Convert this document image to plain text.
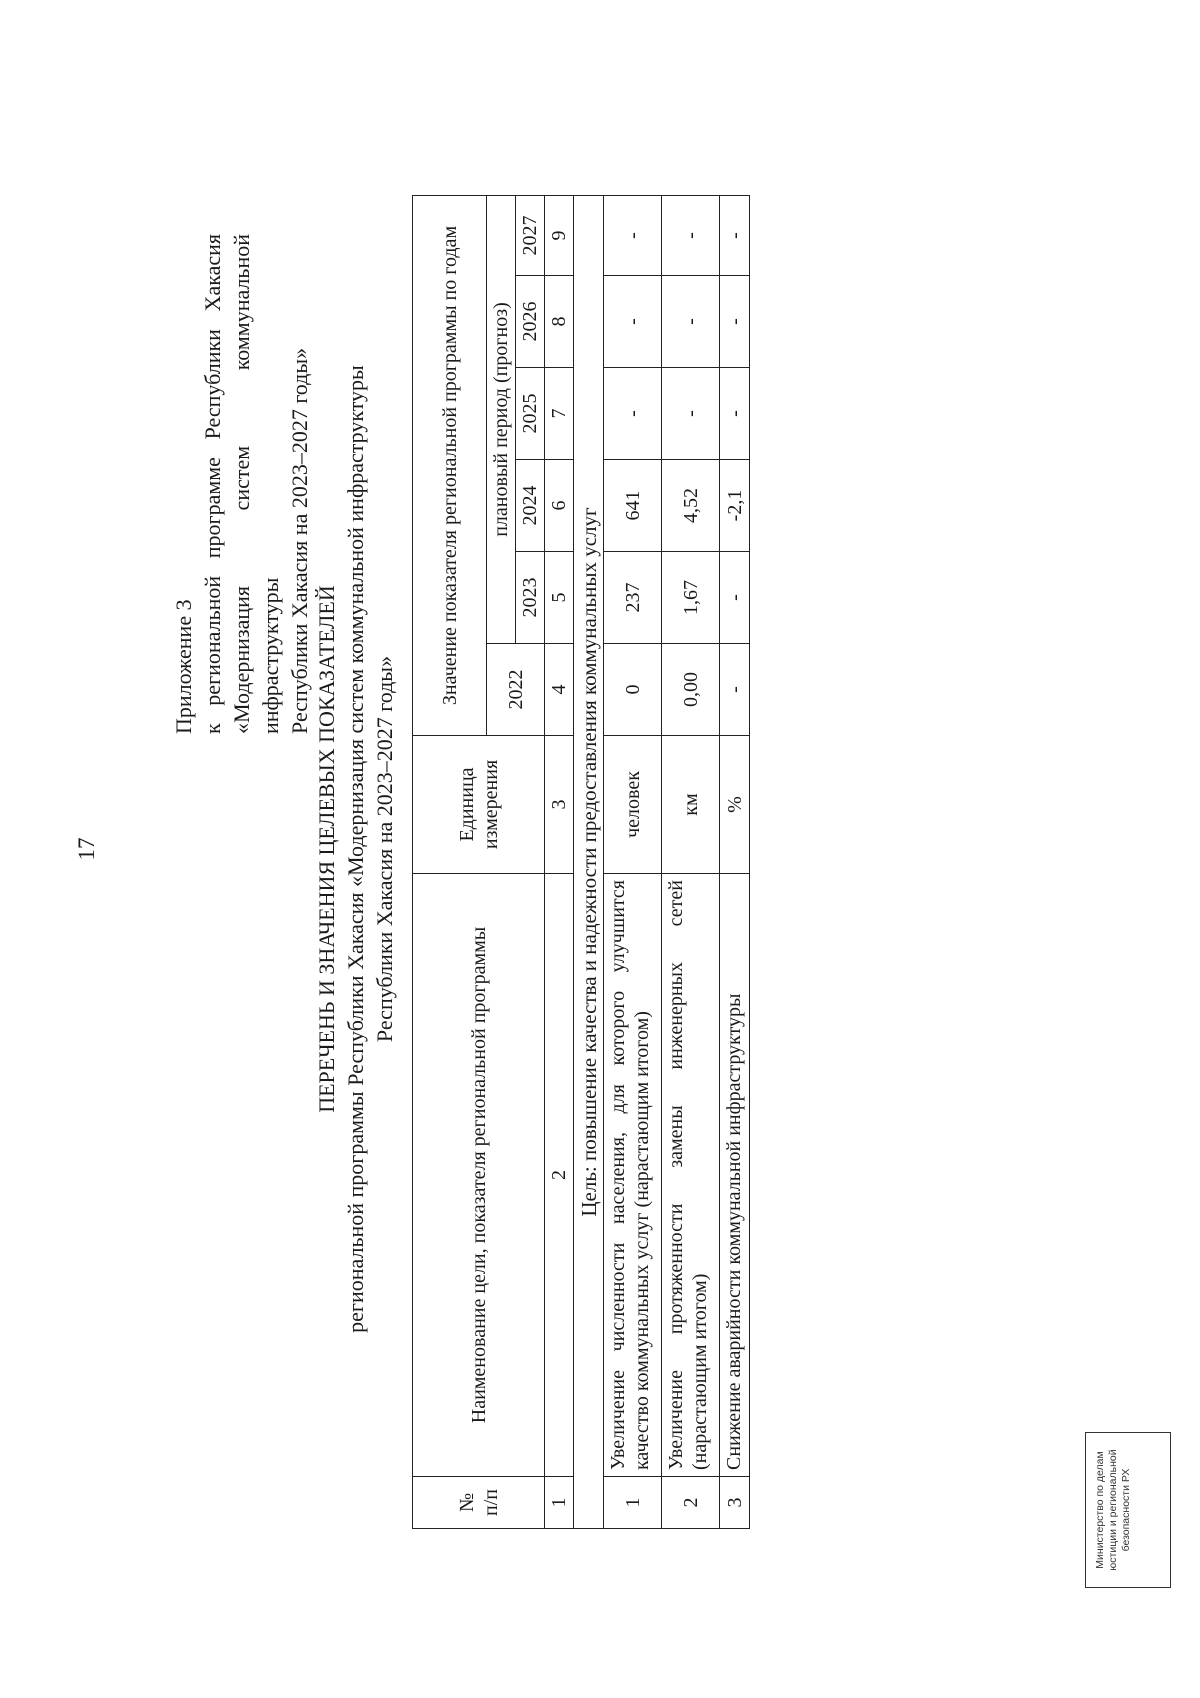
17
Приложение 3 к региональной программе Республики Хакасия «Модернизация систем коммунальной инфраструктуры Республики Хакасия на 2023–2027 годы»
ПЕРЕЧЕНЬ И ЗНАЧЕНИЯ ЦЕЛЕВЫХ ПОКАЗАТЕЛЕЙ региональной программы Республики Хакасия «Модернизация систем коммунальной инфраструктуры Республики Хакасия на 2023–2027 годы»
№ п/п	Наименование цели, показателя региональной программы	Единица измерения	Значение показателя региональной программы по годам					
			2022	плановый период (прогноз)				
				2023	2024	2025	2026	2027
1	2	3	4	5	6	7	8	9
Цель: повышение качества и надежности предоставления коммунальных услуг								
1	Увеличение численности населения, для которого улучшится качество коммунальных услуг (нарастающим итогом)	человек	0	237	641	-	-	-
2	Увеличение протяженности замены инженерных сетей (нарастающим итогом)	км	0,00	1,67	4,52	-	-	-
3	Снижение аварийности коммунальной инфраструктуры	%	-	-	-2,1	-	-	-
Министерство по делам юстиции и региональной безопасности РХ
